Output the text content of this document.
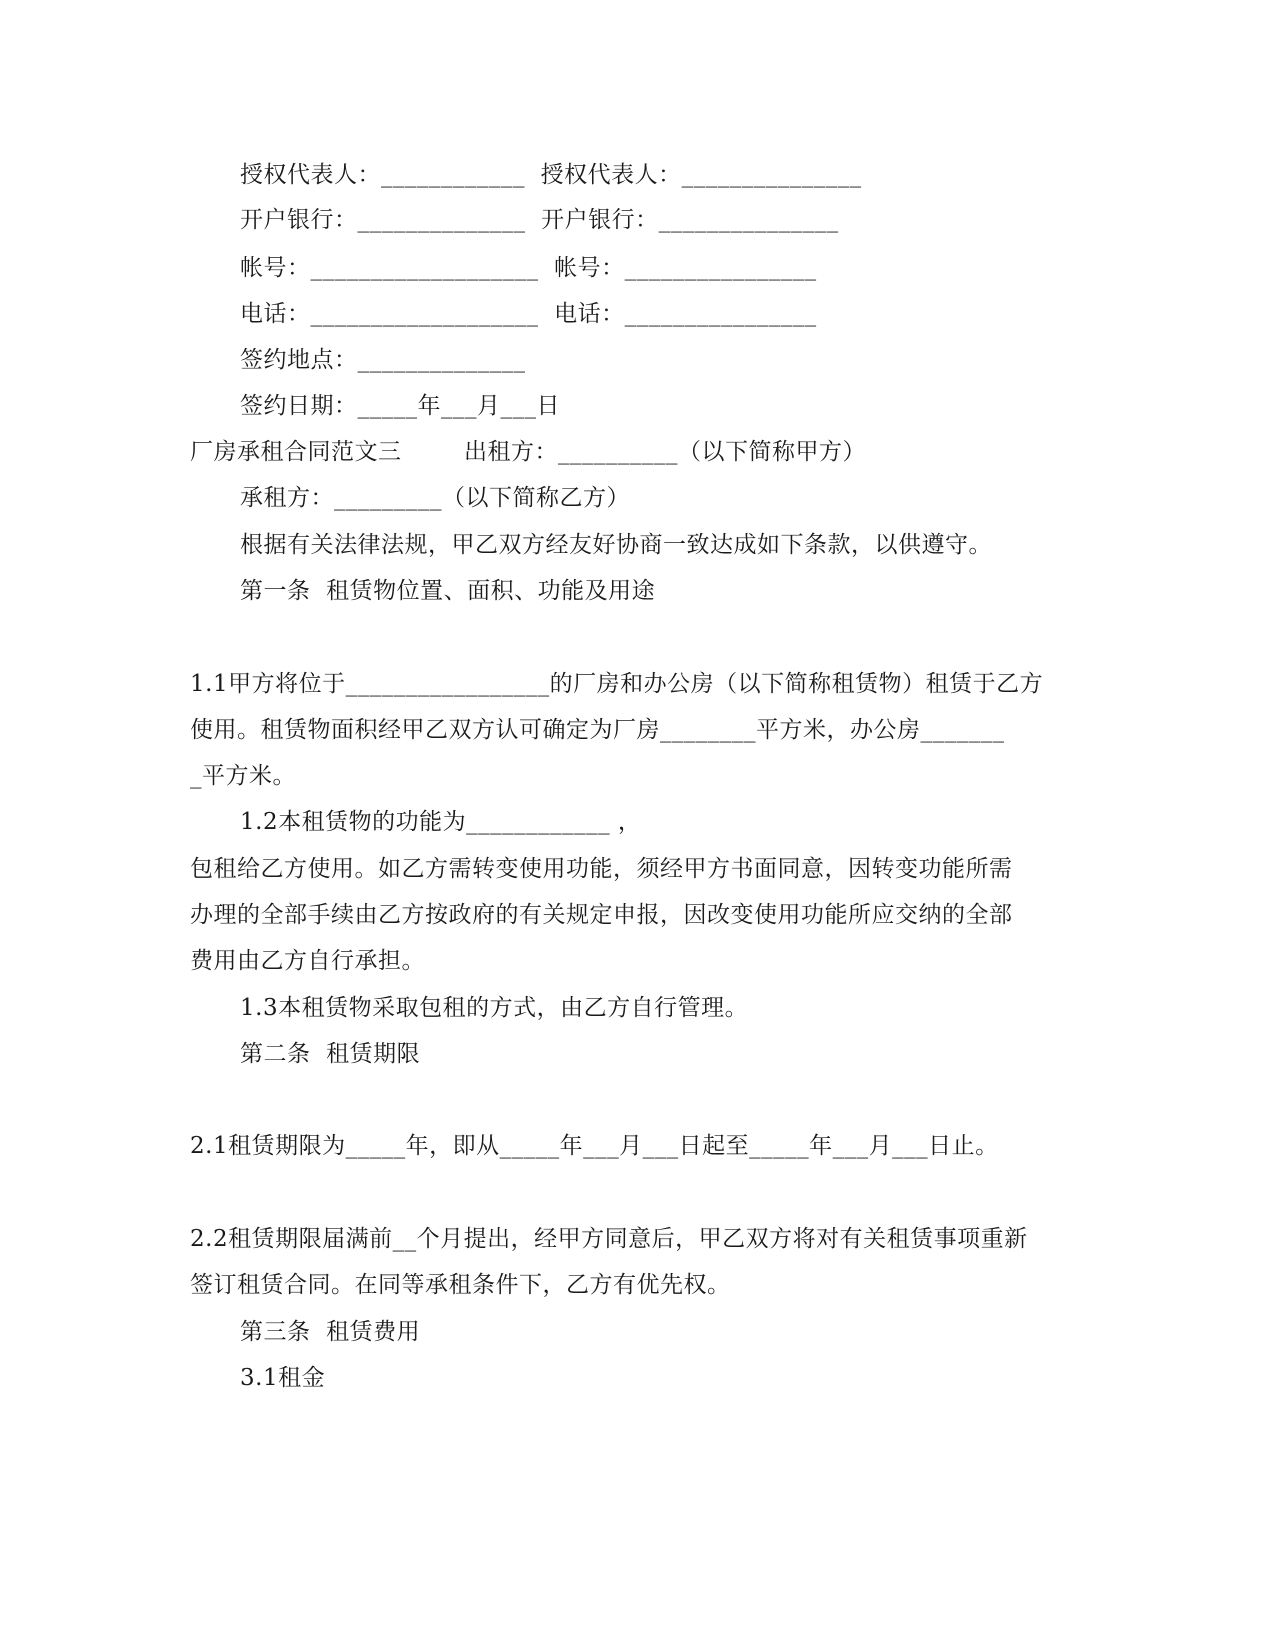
授权代表人：____________  授权代表人：_______________
开户银行：______________  开户银行：_______________
帐号：___________________  帐号：________________
电话：___________________  电话：________________
签约地点：______________
签约日期：_____年___月___日
厂房承租合同范文三        出租方：__________（以下简称甲方）
承租方：_________（以下简称乙方）
根据有关法律法规，甲乙双方经友好协商一致达成如下条款，以供遵守。
第一条  租赁物位置、面积、功能及用途
1.1甲方将位于_________________的厂房和办公房（以下简称租赁物）租赁于乙方
使用。租赁物面积经甲乙双方认可确定为厂房________平方米，办公房_______
_平方米。
1.2本租赁物的功能为____________ ，
包租给乙方使用。如乙方需转变使用功能，须经甲方书面同意，因转变功能所需
办理的全部手续由乙方按政府的有关规定申报，因改变使用功能所应交纳的全部
费用由乙方自行承担。
1.3本租赁物采取包租的方式，由乙方自行管理。
第二条  租赁期限
2.1租赁期限为_____年，即从_____年___月___日起至_____年___月___日止。
2.2租赁期限届满前__个月提出，经甲方同意后，甲乙双方将对有关租赁事项重新
签订租赁合同。在同等承租条件下，乙方有优先权。
第三条  租赁费用
3.1租金
